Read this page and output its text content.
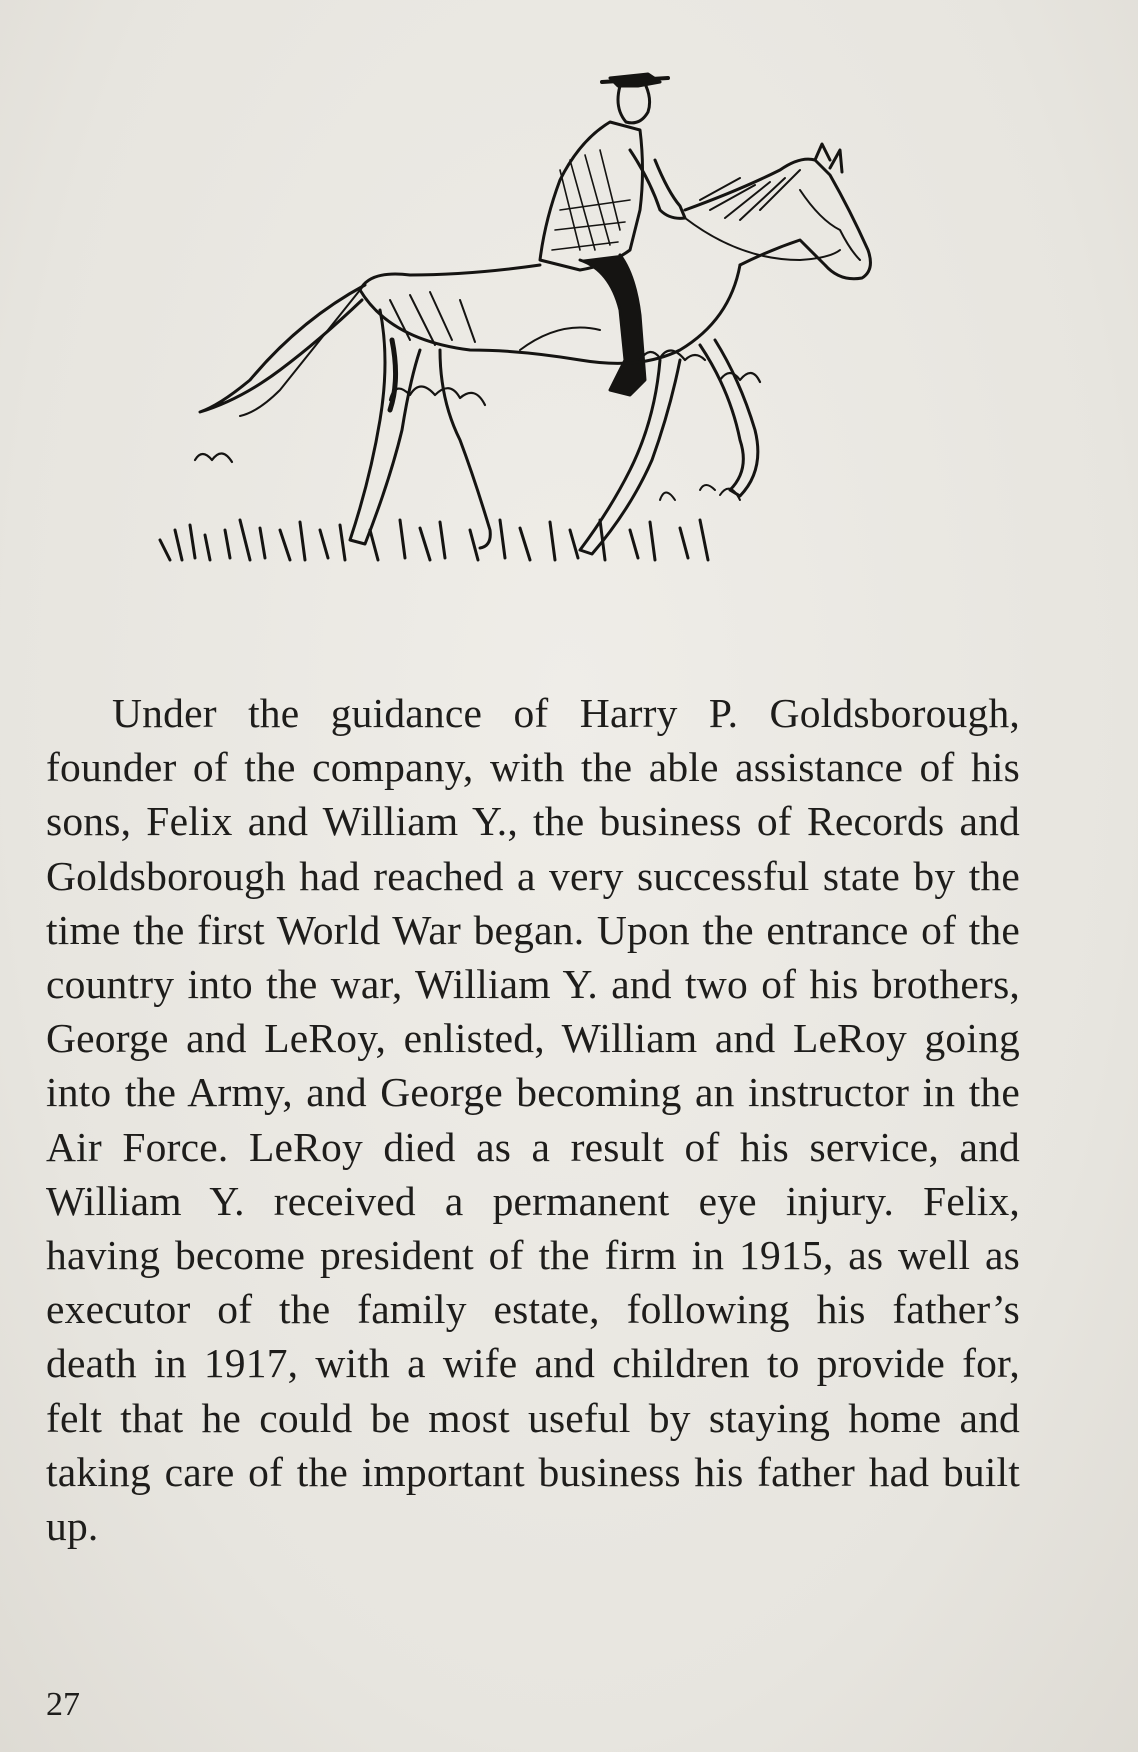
Under the guidance of Harry P. Goldsborough, founder of the company, with the able assistance of his sons, Felix and William Y., the business of Records and Goldsborough had reached a very successful state by the time the first World War began. Upon the entrance of the country into the war, William Y. and two of his brothers, George and LeRoy, enlisted, William and LeRoy going into the Army, and George becoming an instructor in the Air Force. LeRoy died as a result of his service, and William Y. received a permanent eye injury. Felix, having become president of the firm in 1915, as well as executor of the family estate, following his father’s death in 1917, with a wife and children to provide for, felt that he could be most useful by staying home and taking care of the important business his father had built up.

27
